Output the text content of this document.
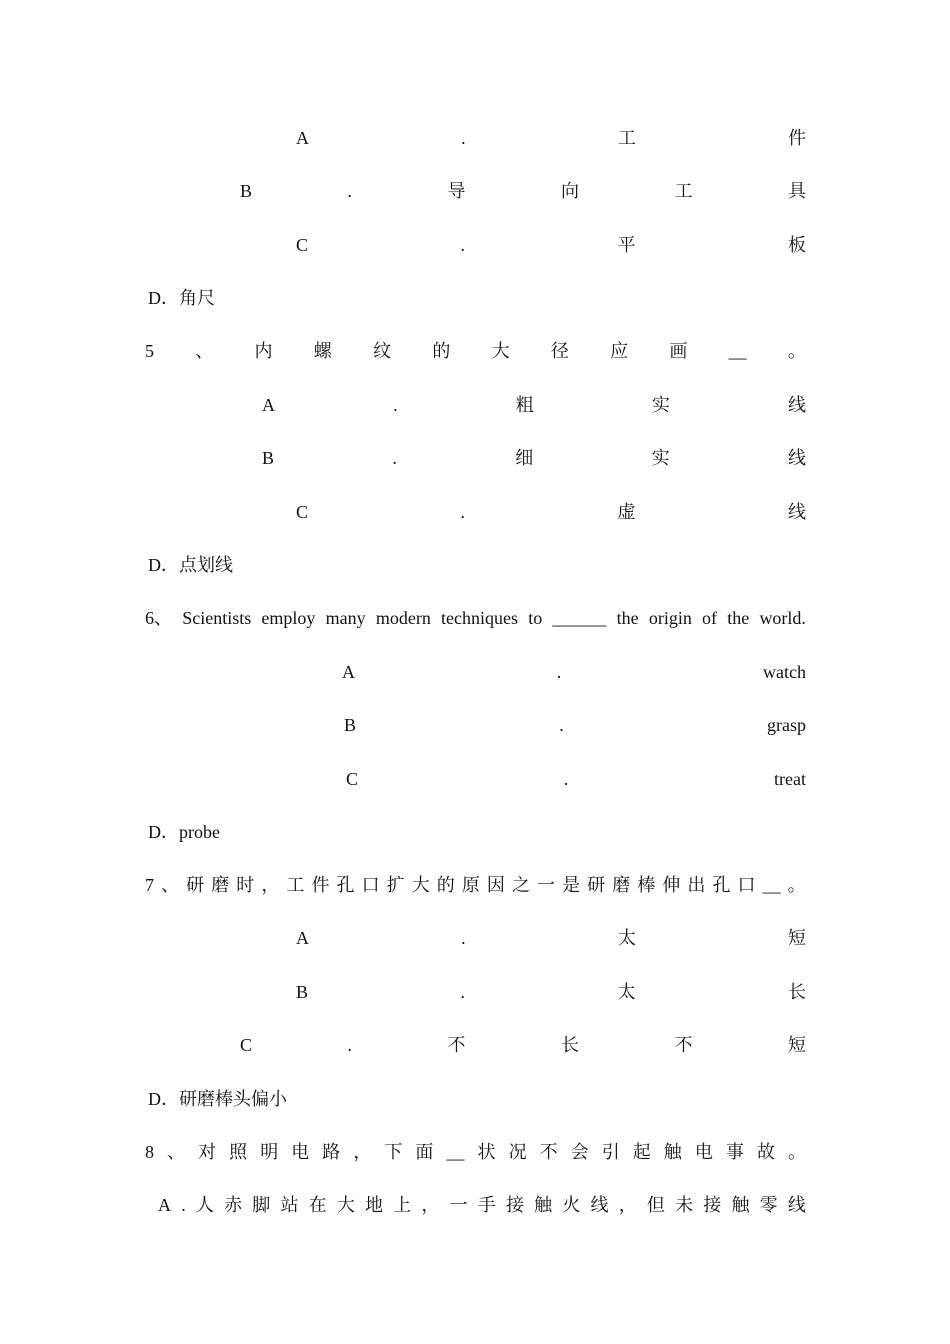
A	.	工	件
B	.	导	向	工	具
C	.	平	板
D．角尺
5 、 内 螺 纹 的 大 径 应 画 __ 。
A	.	粗	实	线
B	.	细	实	线
C	.	虚	线
D．点划线
6、 Scientists employ many modern techniques to ______ the origin of the world.
A	.	watch
B	.	grasp
C	.	treat
D．probe
7 、 研 磨 时 ， 工 件 孔 口 扩 大 的 原 因 之 一 是 研 磨 棒 伸 出 孔 口 __ 。
A	.	太	短
B	.	太	长
C	.	不	长	不	短
D．研磨棒头偏小
8 、 对 照 明 电 路 ， 下 面 __ 状 况 不 会 引 起 触 电 事 故 。
A . 人 赤 脚 站 在 大 地 上 ， 一 手 接 触 火 线 ， 但 未 接 触 零 线
